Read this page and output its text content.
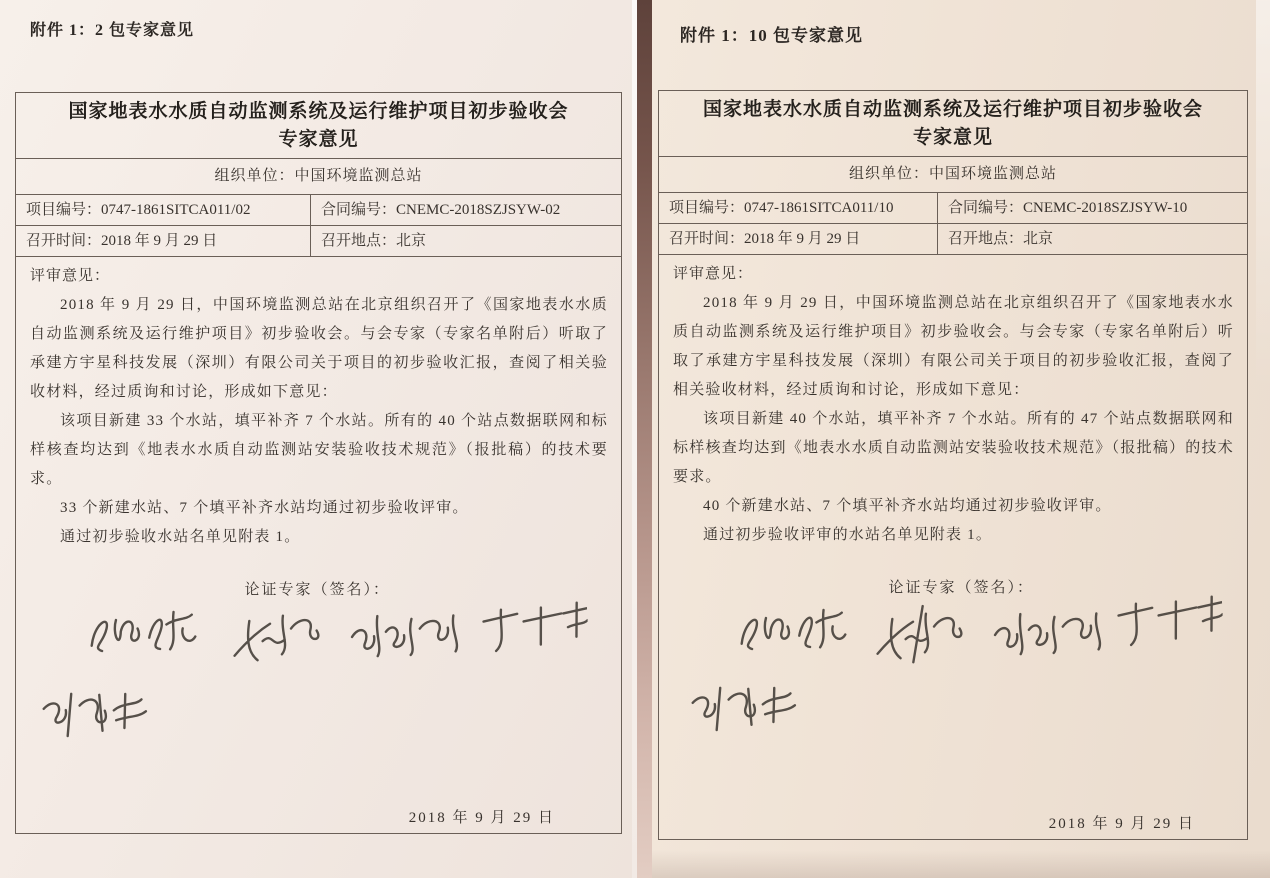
附件 1：2 包专家意见
国家地表水水质自动监测系统及运行维护项目初步验收会
专家意见
组织单位：中国环境监测总站
项目编号：0747-1861SITCA011/02	合同编号：CNEMC-2018SZJSYW-02
召开时间：2018 年 9 月 29 日	召开地点：北京
评审意见：

2018 年 9 月 29 日，中国环境监测总站在北京组织召开了《国家地表水水质自动监测系统及运行维护项目》初步验收会。与会专家（专家名单附后）听取了承建方宇星科技发展（深圳）有限公司关于项目的初步验收汇报，查阅了相关验收材料，经过质询和讨论，形成如下意见：

该项目新建 33 个水站，填平补齐 7 个水站。所有的 40 个站点数据联网和标样核查均达到《地表水水质自动监测站安装验收技术规范》（报批稿）的技术要求。

33 个新建水站、7 个填平补齐水站均通过初步验收评审。

通过初步验收水站名单见附表 1。

论证专家（签名）：
2018 年 9 月 29 日
附件 1：10 包专家意见
国家地表水水质自动监测系统及运行维护项目初步验收会
专家意见
组织单位：中国环境监测总站
项目编号：0747-1861SITCA011/10	合同编号：CNEMC-2018SZJSYW-10
召开时间：2018 年 9 月 29 日	召开地点：北京
评审意见：

2018 年 9 月 29 日，中国环境监测总站在北京组织召开了《国家地表水水质自动监测系统及运行维护项目》初步验收会。与会专家（专家名单附后）听取了承建方宇星科技发展（深圳）有限公司关于项目的初步验收汇报，查阅了相关验收材料，经过质询和讨论，形成如下意见：

该项目新建 40 个水站，填平补齐 7 个水站。所有的 47 个站点数据联网和标样核查均达到《地表水水质自动监测站安装验收技术规范》（报批稿）的技术要求。

40 个新建水站、7 个填平补齐水站均通过初步验收评审。

通过初步验收评审的水站名单见附表 1。

论证专家（签名）：
2018 年 9 月 29 日
